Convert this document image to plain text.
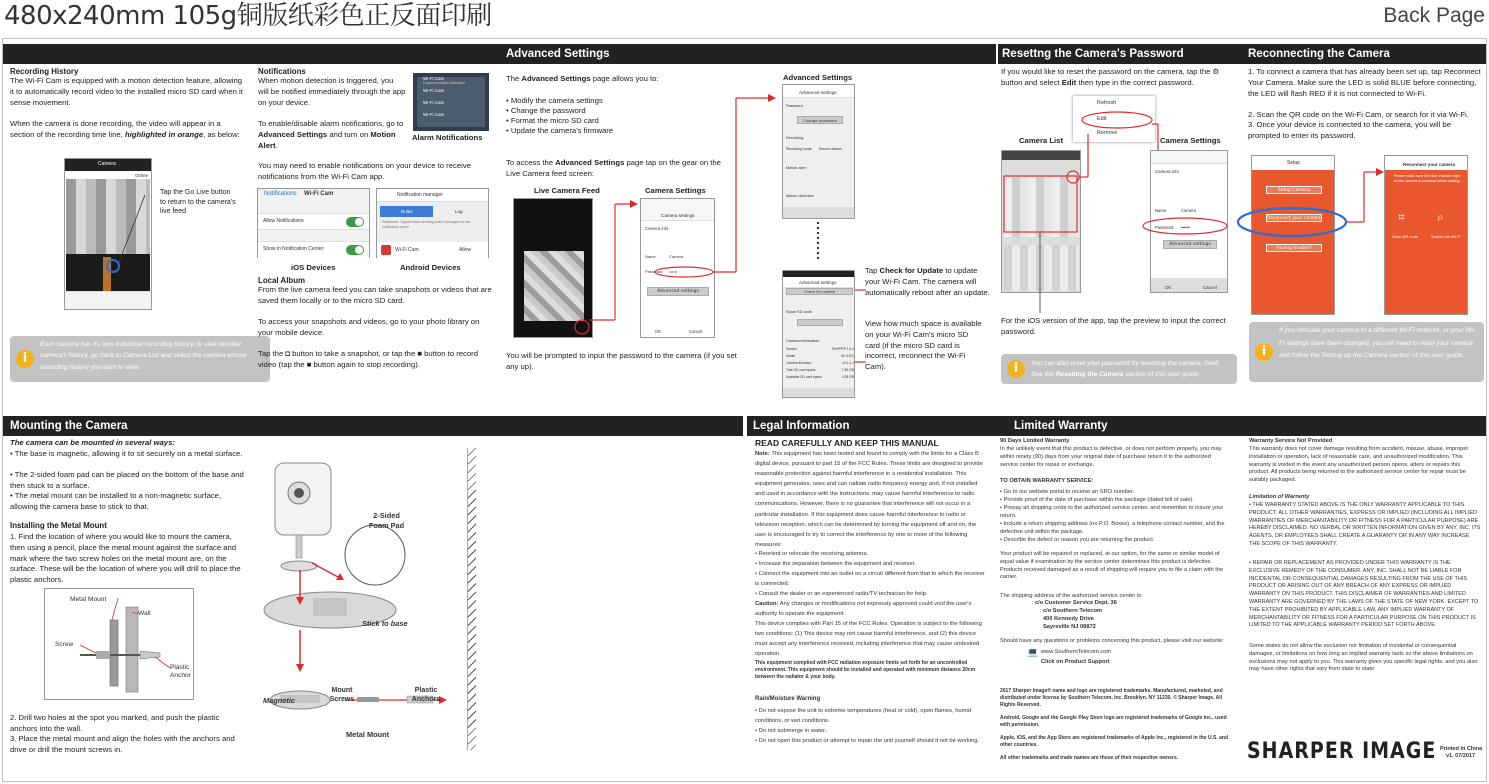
480x240mm 105g铜版纸彩色正反面印刷	Back Page
Advanced Settings	Resettng the Camera's Password	Reconnecting the Camera
Recording History
The Wi-Fi Cam is equipped with a motion detection feature, allowing it to automatically record video to the installed micro SD card when it sense movement.
When the camera is done recording, the video will appear in a section of the recording time line, highlighted in orange, as below:
Camera
Online
Tap the Go Live button to return to the camera's live feed
i
Each camera has its own individual recording history, to view another camera's history, go back to Camera List and select the camera whose recording history you wish to view.
Notifications
When motion detection is triggered, you will be notified immediately through the app on your device.
To enable/disable alarm notifications, go to Advanced Settings and turn on Motion Alert.
You may need to enable notifications on your device to receive notifications from the Wi-Fi Cam app.
Wi-Fi Cam
Wi-Fi Cam
Wi-Fi Cam
Wi-Fi Cam
Camera motion detected
Alarm Notifications
Notifications Wi-Fi Cam
Allow Notifications
Show in Notification Center
Notification manager
Rules	Log
Restricted: Tapped from sending push messages to the notification panel
Wi-Fi Cam	Allow
iOS Devices	Android Devices
Local Album
From the live camera feed you can take snapshots or videos that are saved them locally or to the micro SD card.
To access your snapshots and videos, go to your photo library on your mobile device.
Tap the ◘ button to take a snapshot, or tap the ■ button to record video (tap the ■ button again to stop recording).
The Advanced Settings page allows you to:
• Modify the camera settings
• Change the password
• Format the micro SD card
• Update the camera's firmware
To access the Advanced Settings page tap on the gear on the Live Camera feed screen:
Live Camera Feed	Camera Settings
Camera settings
Camera info
Name	Camera
Password ••••••
Advanced settings
OK	Cancel
You will be prompted to input the password to the camera (if you set any up).
Advanced Settings
Advanced settings
Password
Change password
Recording
Recording mode Record alarms
Motion alert
Motion detection
Advanced settings
Check for update
Share SD code
Camera information
Version	ShrPPPP 1.0.4
Model	SH-1001
Camera firmware	v0.1.1.1
Total SD card space	7.85 GB
Available SD card space	4.08 GB
Tap Check for Update to update your Wi-Fi Cam. The camera will automatically reboot after an update.
View how much space is available on your Wi-Fi Cam's micro SD card (if the micro SD card is incorrect, reconnect the Wi-Fi Cam).
If you would like to reset the password on the camera, tap the ⚙ button and select Edit then type in the correct password.
Refresh
Edit
Remove
Camera List	Camera Settings
Camera info
Name	Camera
Password ••••••
Advanced settings
OK	Cancel
For the iOS version of the app, tap the preview to input the correct password.
i	You can also reset your password by resetting the camera, itself. See the Resetting the Camera section of this user guide.
1. To connect a camera that has already been set up, tap Reconnect Your Camera. Make sure the LED is solid BLUE before connecting, the LED will flash RED if it is not connected to Wi-Fi.
2. Scan the QR code on the Wi-Fi Cam, or search for it via Wi-Fi.
3. Once your device is connected to the camera, you will be prompted to enter its password.
Setup
Setup Camera
Reconnect your camera
Having trouble?
Reconnect your camera
Please make sure the blue indicator light on the camera is constant before adding.
⌗	⌕
Scan QR code	Search via Wi-Fi
i
If you relocate your camera to a different Wi-Fi network, or your Wi-Fi settings have been changed, you will need to reset your camera and follow the Setting up the Camera section of this user guide.
Mounting the Camera	Legal Information	Limited Warranty
The camera can be mounted in several ways:
• The base is magnetic, allowing it to sit securely on a metal surface.
• The 2-sided foam pad can be placed on the bottom of the base and then stuck to a surface.
• The metal mount can be installed to a non-magnetic surface, allowing the camera base to stick to that.
Installing the Metal Mount
1. Find the location of where you would like to mount the camera, then using a pencil, place the metal mount against the surface and mark where the two screw holes on the metal mount are, on the surface. These will be the location of where you will drill to place the plastic anchors.
Metal Mount
Wall
Screw
Plastic Anchor
2. Drill two holes at the spot you marked, and push the plastic anchors into the wall.
3. Place the metal mount and align the holes with the anchors and drive or drill the mount screws in.
2-Sided Foam Pad
Stick to base
Magnetic
Mount Screws
Plastic Anchors
Metal Mount
READ CAREFULLY AND KEEP THIS MANUAL
Note: This equipment has been tested and found to comply with the limits for a Class B digital device, pursuant to part 15 of the FCC Rules. These limits are designed to provide reasonable protection against harmful interference in a residential installation. This equipment generates, uses and can radiate radio frequency energy and, if not installed and used in accordance with the instructions, may cause harmful interference to radio communications. However, there is no guarantee that interference will not occur in a particular installation. If this equipment does cause harmful interference to radio or television reception, which can be determined by turning the equipment off and on, the user is encouraged to try to correct the interference by one or more of the following measures:
• Reorient or relocate the receiving antenna.
• Increase the separation between the equipment and receiver.
• Connect the equipment into an outlet on a circuit different from that to which the receiver is connected.
• Consult the dealer or an experienced radio/TV technician for help.
Caution: Any changes or modifications not expressly approved could void the user's authority to operate the equipment.
This device complies with Part 15 of the FCC Rules. Operation is subject to the following two conditions: (1) This device may not cause harmful interference, and (2) this device must accept any interference received, including interference that may cause undesired operation.
This equipment complied with FCC radiation exposure limits set forth for an uncontrolled environment. This equipment should be installed and operated with minimum distance 20cm between the radiator & your body.
Rain/Moisture Warning
• Do not expose the unit to extreme temperatures (heat or cold), open flames, humid conditions, or wet conditions.
• Do not submerge in water.
• Do not open this product or attempt to repair the unit yourself should it not be working.
90 Days Limited Warranty
In the unlikely event that this product is defective, or does not perform properly, you may within ninety (90) days from your original date of purchase return it to the authorized service center for repair or exchange.
TO OBTAIN WARRANTY SERVICE:
• Go to our website portal to receive an SRO number.
• Provide proof of the date of purchase within the package (dated bill of sale).
• Prepay all shipping costs to the authorized service center, and remember to insure your return.
• Include a return shipping address (no P.O. Boxes), a telephone contact number, and the defective unit within the package.
• Describe the defect or reason you are returning the product.
Your product will be repaired or replaced, at our option, for the same or similar model of equal value if examination by the service center determines this product is defective. Products received damaged as a result of shipping will require you to file a claim with the carrier.
The shipping address of the authorized service center is:
c/o Customer Service Dept. 36
c/o Southern Telecom
400 Kennedy Drive
Sayreville NJ 08872
Should have any questions or problems concerning this product, please visit our website:
💻 www.SouthernTelecom.com
Click on Product Support
2017 Sharper Image® name and logo are registered trademarks. Manufactured, marketed, and distributed under license by Southern Telecom, Inc. Brooklyn, NY 11230. © Sharper Image. All Rights Reserved.
Android, Google and the Google Play Store logo are registered trademarks of Google Inc., used with permission.
Apple, iOS, and the App Store are registered trademarks of Apple Inc., registered in the U.S. and other countries.
All other trademarks and trade names are those of their respective owners.
Warranty Service Not Provided
This warranty does not cover damage resulting from accident, misuse, abuse, improper installation or operation, lack of reasonable care, and unauthorized modification. This warranty is voided in the event any unauthorized person opens, alters or repairs this product. All products being returned to the authorized service center for repair must be suitably packaged.
Limitation of Warranty
• THE WARRANTY STATED ABOVE IS THE ONLY WARRANTY APPLICABLE TO THIS PRODUCT. ALL OTHER WARRANTIES, EXPRESS OR IMPLIED (INCLUDING ALL IMPLIED WARRANTIES OF MERCHANTABILITY OR FITNESS FOR A PARTICULAR PURPOSE) ARE HEREBY DISCLAIMED. NO VERBAL OR WRITTEN INFORMATION GIVEN BY ANY, INC. ITS AGENTS, OR EMPLOYEES SHALL CREATE A GUARANTY OR IN ANY WAY INCREASE THE SCOPE OF THIS WARRANTY.
• REPAIR OR REPLACEMENT AS PROVIDED UNDER THIS WARRANTY IS THE EXCLUSIVE REMEDY OF THE CONSUMER. ANY, INC. SHALL NOT BE LIABLE FOR INCIDENTAL OR CONSEQUENTIAL DAMAGES RESULTING FROM THE USE OF THIS PRODUCT OR ARISING OUT OF ANY BREACH OF ANY EXPRESS OR IMPLIED WARRANTY ON THIS PRODUCT. THIS DISCLAIMER OF WARRANTIES AND LIMITED WARRANTY ARE GOVERNED BY THE LAWS OF THE STATE OF NEW YORK. EXCEPT TO THE EXTENT PROHIBITED BY APPLICABLE LAW, ANY IMPLIED WARRANTY OF MERCHANTABILITY OR FITNESS FOR A PARTICULAR PURPOSE ON THIS PRODUCT IS LIMITED TO THE APPLICABLE WARRANTY PERIOD SET FORTH ABOVE.
Some states do not allow the exclusion nor limitation of incidental or consequential damages, or limitations on how long an implied warranty lasts so the above limitations on exclusions may not apply to you. This warranty gives you specific legal rights, and you also may have other rights that vary from state to state.
SHARPER IMAGE Printed in China
v1. 07/2017
